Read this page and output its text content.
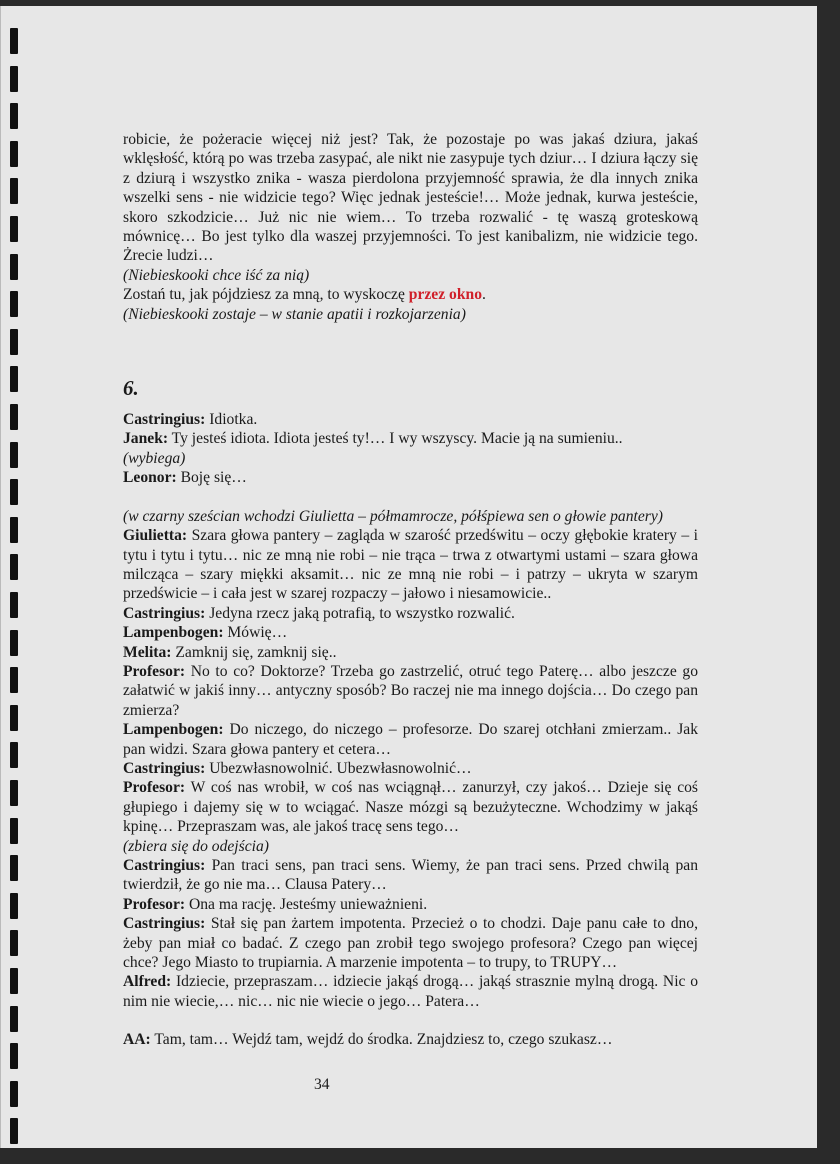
robicie, że pożeracie więcej niż jest? Tak, że pozostaje po was jakaś dziura, jakaś wklęsłość, którą po was trzeba zasypać, ale nikt nie zasypuje tych dziur… I dziura łączy się z dziurą i wszystko znika - wasza pierdolona przyjemność sprawia, że dla innych znika wszelki sens - nie widzicie tego? Więc jednak jesteście!… Może jednak, kurwa jesteście, skoro szkodzicie… Już nic nie wiem… To trzeba rozwalić - tę waszą groteskową mównicę… Bo jest tylko dla waszej przyjemności. To jest kanibalizm, nie widzicie tego. Żrecie ludzi…
(Niebieskooki chce iść za nią)
Zostań tu, jak pójdziesz za mną, to wyskoczę przez okno.
(Niebieskooki zostaje – w stanie apatii i rozkojarzenia)
6.

Castringius: Idiotka.

Janek: Ty jesteś idiota. Idiota jesteś ty!… I wy wszyscy. Macie ją na sumieniu..

(wybiega)

Leonor: Boję się…

(w czarny sześcian wchodzi Giulietta – półmamrocze, półśpiewa sen o głowie pantery)

Giulietta: Szara głowa pantery – zagląda w szarość przedświtu – oczy głębokie kratery – i tytu i tytu i tytu… nic ze mną nie robi – nie trąca – trwa z otwartymi ustami – szara głowa milcząca – szary miękki aksamit… nic ze mną nie robi – i patrzy – ukryta w szarym przedświcie – i cała jest w szarej rozpaczy – jałowo i niesamowicie..

Castringius: Jedyna rzecz jaką potrafią, to wszystko rozwalić.

Lampenbogen: Mówię…

Melita: Zamknij się, zamknij się..

Profesor: No to co? Doktorze? Trzeba go zastrzelić, otruć tego Paterę… albo jeszcze go załatwić w jakiś inny… antyczny sposób? Bo raczej nie ma innego dojścia… Do czego pan zmierza?

Lampenbogen: Do niczego, do niczego – profesorze. Do szarej otchłani zmierzam.. Jak pan widzi. Szara głowa pantery et cetera…

Castringius: Ubezwłasnowolnić. Ubezwłasnowolnić…

Profesor: W coś nas wrobił, w coś nas wciągnął… zanurzył, czy jakoś… Dzieje się coś głupiego i dajemy się w to wciągać. Nasze mózgi są bezużyteczne. Wchodzimy w jakąś kpinę… Przepraszam was, ale jakoś tracę sens tego…

(zbiera się do odejścia)

Castringius: Pan traci sens, pan traci sens. Wiemy, że pan traci sens. Przed chwilą pan twierdził, że go nie ma… Clausa Patery…

Profesor: Ona ma rację. Jesteśmy unieważnieni.

Castringius: Stał się pan żartem impotenta. Przecież o to chodzi. Daje panu całe to dno, żeby pan miał co badać. Z czego pan zrobił tego swojego profesora? Czego pan więcej chce? Jego Miasto to trupiarnia. A marzenie impotenta – to trupy, to TRUPY…

Alfred: Idziecie, przepraszam… idziecie jakąś drogą… jakąś strasznie mylną drogą. Nic o nim nie wiecie,… nic… nic nie wiecie o jego… Patera…

AA: Tam, tam… Wejdź tam, wejdź do środka. Znajdziesz to, czego szukasz…

34
